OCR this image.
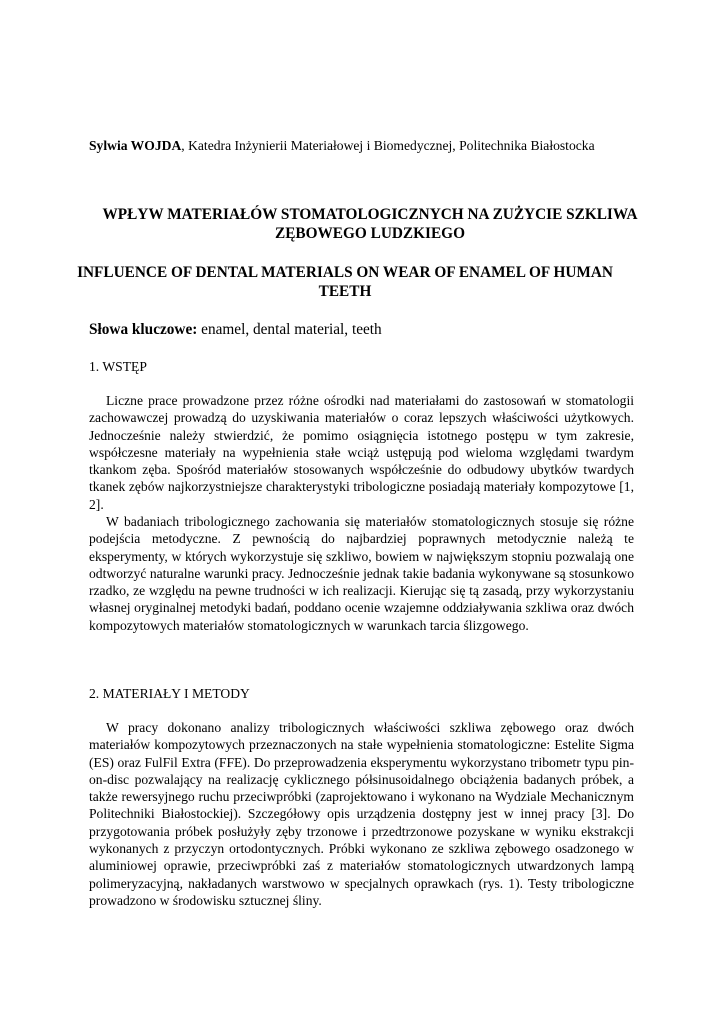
Sylwia WOJDA, Katedra Inżynierii Materiałowej i Biomedycznej, Politechnika Białostocka
WPŁYW MATERIAŁÓW STOMATOLOGICZNYCH NA ZUŻYCIE SZKLIWA ZĘBOWEGO LUDZKIEGO
INFLUENCE OF DENTAL MATERIALS ON WEAR OF ENAMEL OF HUMAN TEETH
Słowa kluczowe: enamel, dental material, teeth
1. WSTĘP

Liczne prace prowadzone przez różne ośrodki nad materiałami do zastosowań w stomatologii zachowawczej prowadzą do uzyskiwania materiałów o coraz lepszych właściwości użytkowych. Jednocześnie należy stwierdzić, że pomimo osiągnięcia istotnego postępu w tym zakresie, współczesne materiały na wypełnienia stałe wciąż ustępują pod wieloma względami twardym tkankom zęba. Spośród materiałów stosowanych współcześnie do odbudowy ubytków twardych tkanek zębów najkorzystniejsze charakterystyki tribologiczne posiadają materiały kompozytowe [1, 2].

W badaniach tribologicznego zachowania się materiałów stomatologicznych stosuje się różne podejścia metodyczne. Z pewnością do najbardziej poprawnych metodycznie należą te eksperymenty, w których wykorzystuje się szkliwo, bowiem w największym stopniu pozwalają one odtworzyć naturalne warunki pracy. Jednocześnie jednak takie badania wykonywane są stosunkowo rzadko, ze względu na pewne trudności w ich realizacji. Kierując się tą zasadą, przy wykorzystaniu własnej oryginalnej metodyki badań, poddano ocenie wzajemne oddziaływania szkliwa oraz dwóch kompozytowych materiałów stomatologicznych w warunkach tarcia ślizgowego.

2. MATERIAŁY I METODY

W pracy dokonano analizy tribologicznych właściwości szkliwa zębowego oraz dwóch materiałów kompozytowych przeznaczonych na stałe wypełnienia stomatologiczne: Estelite Sigma (ES) oraz FulFil Extra (FFE). Do przeprowadzenia eksperymentu wykorzystano tribometr typu pin-on-disc pozwalający na realizację cyklicznego półsinusoidalnego obciążenia badanych próbek, a także rewersyjnego ruchu przeciwpróbki (zaprojektowano i wykonano na Wydziale Mechanicznym Politechniki Białostockiej). Szczegółowy opis urządzenia dostępny jest w innej pracy [3]. Do przygotowania próbek posłużyły zęby trzonowe i przedtrzonowe pozyskane w wyniku ekstrakcji wykonanych z przyczyn ortodontycznych. Próbki wykonano ze szkliwa zębowego osadzonego w aluminiowej oprawie, przeciwpróbki zaś z materiałów stomatologicznych utwardzonych lampą polimeryzacyjną, nakładanych warstwowo w specjalnych oprawkach (rys. 1). Testy tribologiczne prowadzono w środowisku sztucznej śliny.
